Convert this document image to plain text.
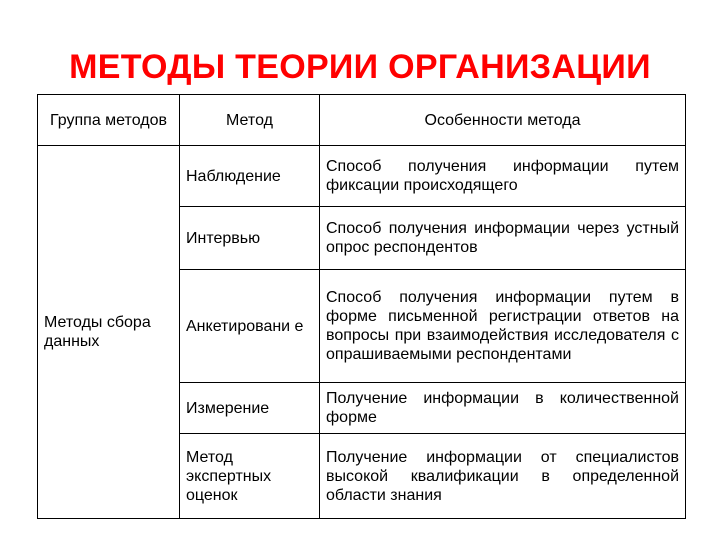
МЕТОДЫ ТЕОРИИ ОРГАНИЗАЦИИ
Группа методов	Метод	Особенности метода
Методы сбора данных	Наблюдение	Способ получения информации путем фиксации происходящего

	Интервью	Способ получения информации через устный опрос респондентов

	Анкетировани е	Способ получения информации путем в форме письменной регистрации ответов на вопросы при взаимодействия исследователя с опрашиваемыми респондентами

	Измерение	Получение информации в количественной форме

	Метод экспертных оценок	Получение информации от специалистов высокой квалификации в определенной области знания
